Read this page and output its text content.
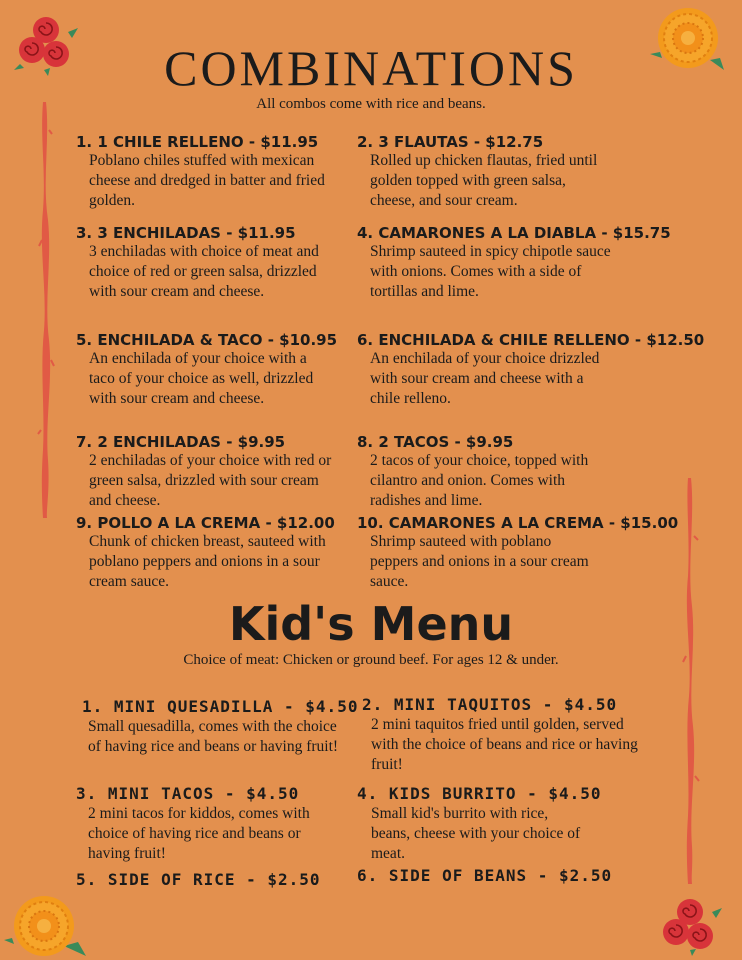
COMBINATIONS
All combos come with rice and beans.
1. 1 CHILE RELLENO - $11.95
Poblano chiles stuffed with mexican cheese and dredged in batter and fried golden.
2. 3 FLAUTAS - $12.75
Rolled up chicken flautas, fried until golden topped with green salsa, cheese, and sour cream.
3. 3 ENCHILADAS - $11.95
3 enchiladas with choice of meat and choice of red or green salsa, drizzled with sour cream and cheese.
4. CAMARONES A LA DIABLA - $15.75
Shrimp sauteed in spicy chipotle sauce with onions. Comes with a side of tortillas and lime.
5. ENCHILADA & TACO - $10.95
An enchilada of your choice with a taco of your choice as well, drizzled with sour cream and cheese.
6. ENCHILADA & CHILE RELLENO - $12.50
An enchilada of your choice drizzled with sour cream and cheese with a chile relleno.
7. 2 ENCHILADAS - $9.95
2 enchiladas of your choice with red or green salsa, drizzled with sour cream and cheese.
8. 2 TACOS - $9.95
2 tacos of your choice, topped with cilantro and onion. Comes with radishes and lime.
9. POLLO A LA CREMA - $12.00
Chunk of chicken breast, sauteed with poblano peppers and onions in a sour cream sauce.
10. CAMARONES A LA CREMA - $15.00
Shrimp sauteed with poblano peppers and onions in a sour cream sauce.
Kid's Menu
Choice of meat: Chicken or ground beef. For ages 12 & under.
1. MINI QUESADILLA - $4.50
Small quesadilla, comes with the choice of having rice and beans or having fruit!
2. MINI TAQUITOS - $4.50
2 mini taquitos fried until golden, served with the choice of beans and rice or having fruit!
3. MINI TACOS - $4.50
2 mini tacos for kiddos, comes with choice of having rice and beans or having fruit!
4. KIDS BURRITO - $4.50
Small kid's burrito with rice, beans, cheese with your choice of meat.
5. SIDE OF RICE - $2.50	6. SIDE OF BEANS - $2.50
